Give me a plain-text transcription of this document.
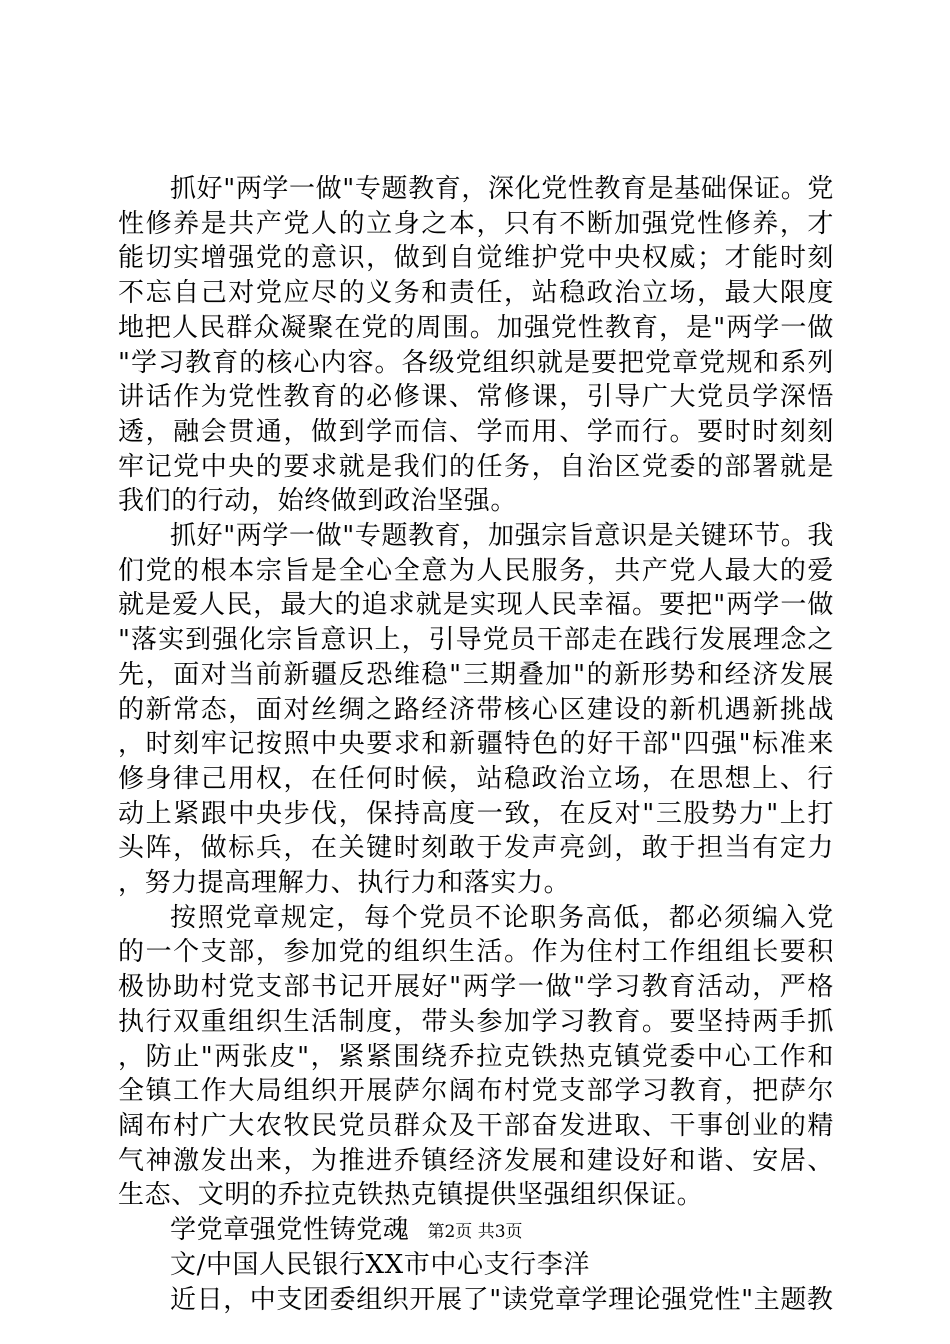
抓好"两学一做"专题教育，深化党性教育是基础保证。党性修养是共产党人的立身之本，只有不断加强党性修养，才能切实增强党的意识，做到自觉维护党中央权威；才能时刻不忘自己对党应尽的义务和责任，站稳政治立场，最大限度地把人民群众凝聚在党的周围。加强党性教育，是"两学一做"学习教育的核心内容。各级党组织就是要把党章党规和系列讲话作为党性教育的必修课、常修课，引导广大党员学深悟透，融会贯通，做到学而信、学而用、学而行。要时时刻刻牢记党中央的要求就是我们的任务，自治区党委的部署就是我们的行动，始终做到政治坚强。

抓好"两学一做"专题教育，加强宗旨意识是关键环节。我们党的根本宗旨是全心全意为人民服务，共产党人最大的爱就是爱人民，最大的追求就是实现人民幸福。要把"两学一做"落实到强化宗旨意识上，引导党员干部走在践行发展理念之先，面对当前新疆反恐维稳"三期叠加"的新形势和经济发展的新常态，面对丝绸之路经济带核心区建设的新机遇新挑战，时刻牢记按照中央要求和新疆特色的好干部"四强"标准来修身律己用权，在任何时候，站稳政治立场，在思想上、行动上紧跟中央步伐，保持高度一致，在反对"三股势力"上打头阵，做标兵，在关键时刻敢于发声亮剑，敢于担当有定力，努力提高理解力、执行力和落实力。

按照党章规定，每个党员不论职务高低，都必须编入党的一个支部，参加党的组织生活。作为住村工作组组长要积极协助村党支部书记开展好"两学一做"学习教育活动，严格执行双重组织生活制度，带头参加学习教育。要坚持两手抓，防止"两张皮"，紧紧围绕乔拉克铁热克镇党委中心工作和全镇工作大局组织开展萨尔阔布村党支部学习教育，把萨尔阔布村广大农牧民党员群众及干部奋发进取、干事创业的精气神激发出来，为推进乔镇经济发展和建设好和谐、安居、生态、文明的乔拉克铁热克镇提供坚强组织保证。

学党章强党性铸党魂

文/中国人民银行XX市中心支行李洋

近日，中支团委组织开展了"读党章学理论强党性"主题教

第2页 共3页
